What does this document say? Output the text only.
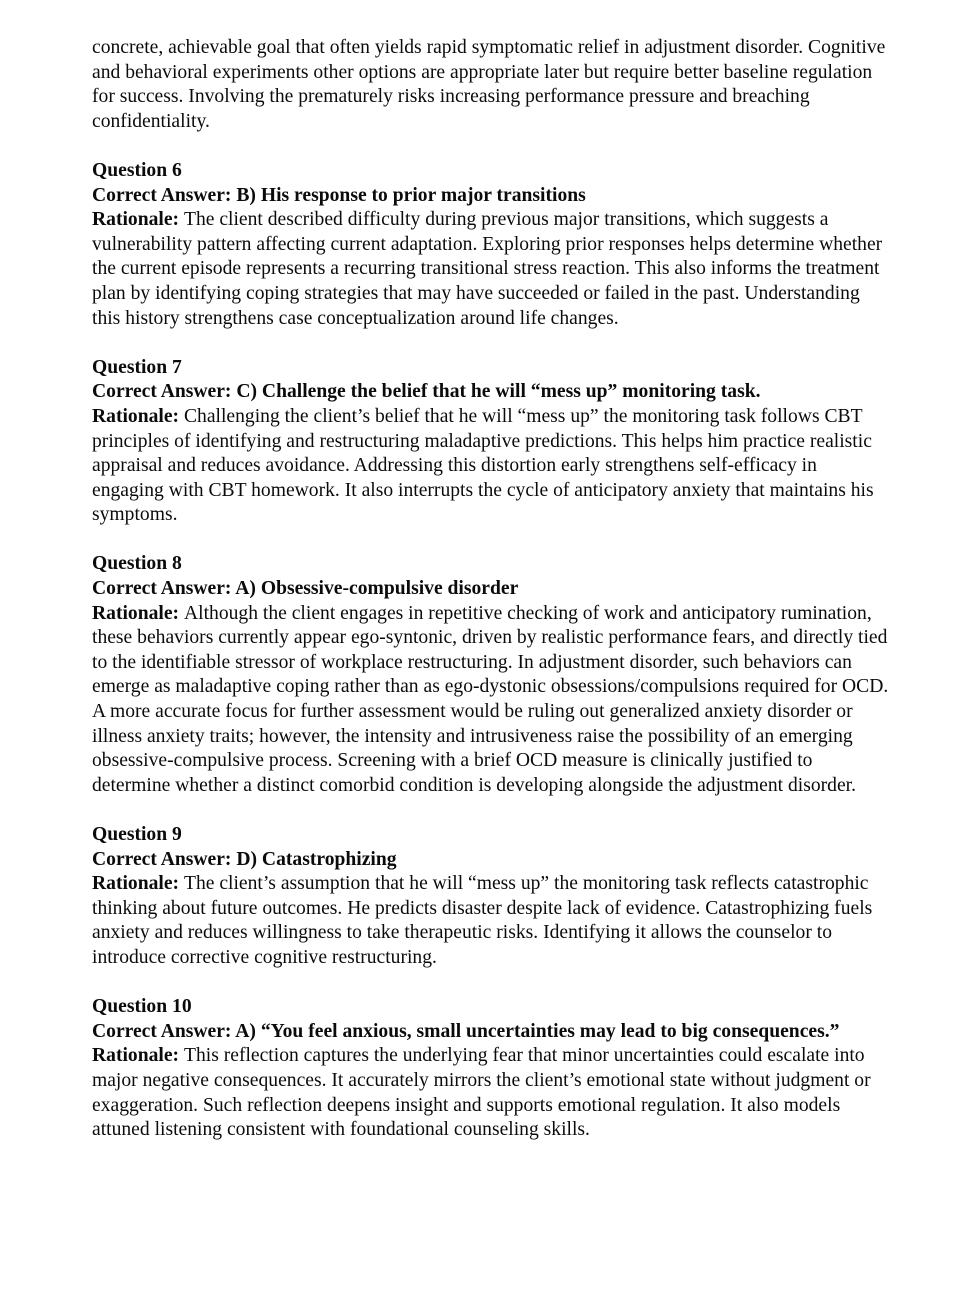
concrete, achievable goal that often yields rapid symptomatic relief in adjustment disorder. Cognitive and behavioral experiments other options are appropriate later but require better baseline regulation for success. Involving the prematurely risks increasing performance pressure and breaching confidentiality.

Question 6

Correct Answer: B) His response to prior major transitions

Rationale: The client described difficulty during previous major transitions, which suggests a vulnerability pattern affecting current adaptation. Exploring prior responses helps determine whether the current episode represents a recurring transitional stress reaction. This also informs the treatment plan by identifying coping strategies that may have succeeded or failed in the past. Understanding this history strengthens case conceptualization around life changes.

Question 7

Correct Answer: C) Challenge the belief that he will “mess up” monitoring task.

Rationale: Challenging the client’s belief that he will “mess up” the monitoring task follows CBT principles of identifying and restructuring maladaptive predictions. This helps him practice realistic appraisal and reduces avoidance. Addressing this distortion early strengthens self-efficacy in engaging with CBT homework. It also interrupts the cycle of anticipatory anxiety that maintains his symptoms.

Question 8

Correct Answer: A) Obsessive-compulsive disorder

Rationale: Although the client engages in repetitive checking of work and anticipatory rumination, these behaviors currently appear ego-syntonic, driven by realistic performance fears, and directly tied to the identifiable stressor of workplace restructuring. In adjustment disorder, such behaviors can emerge as maladaptive coping rather than as ego-dystonic obsessions/compulsions required for OCD. A more accurate focus for further assessment would be ruling out generalized anxiety disorder or illness anxiety traits; however, the intensity and intrusiveness raise the possibility of an emerging obsessive-compulsive process. Screening with a brief OCD measure is clinically justified to determine whether a distinct comorbid condition is developing alongside the adjustment disorder.

Question 9

Correct Answer: D) Catastrophizing

Rationale: The client’s assumption that he will “mess up” the monitoring task reflects catastrophic thinking about future outcomes. He predicts disaster despite lack of evidence. Catastrophizing fuels anxiety and reduces willingness to take therapeutic risks. Identifying it allows the counselor to introduce corrective cognitive restructuring.

Question 10

Correct Answer: A) “You feel anxious, small uncertainties may lead to big consequences.”

Rationale: This reflection captures the underlying fear that minor uncertainties could escalate into major negative consequences. It accurately mirrors the client’s emotional state without judgment or exaggeration. Such reflection deepens insight and supports emotional regulation. It also models attuned listening consistent with foundational counseling skills.
